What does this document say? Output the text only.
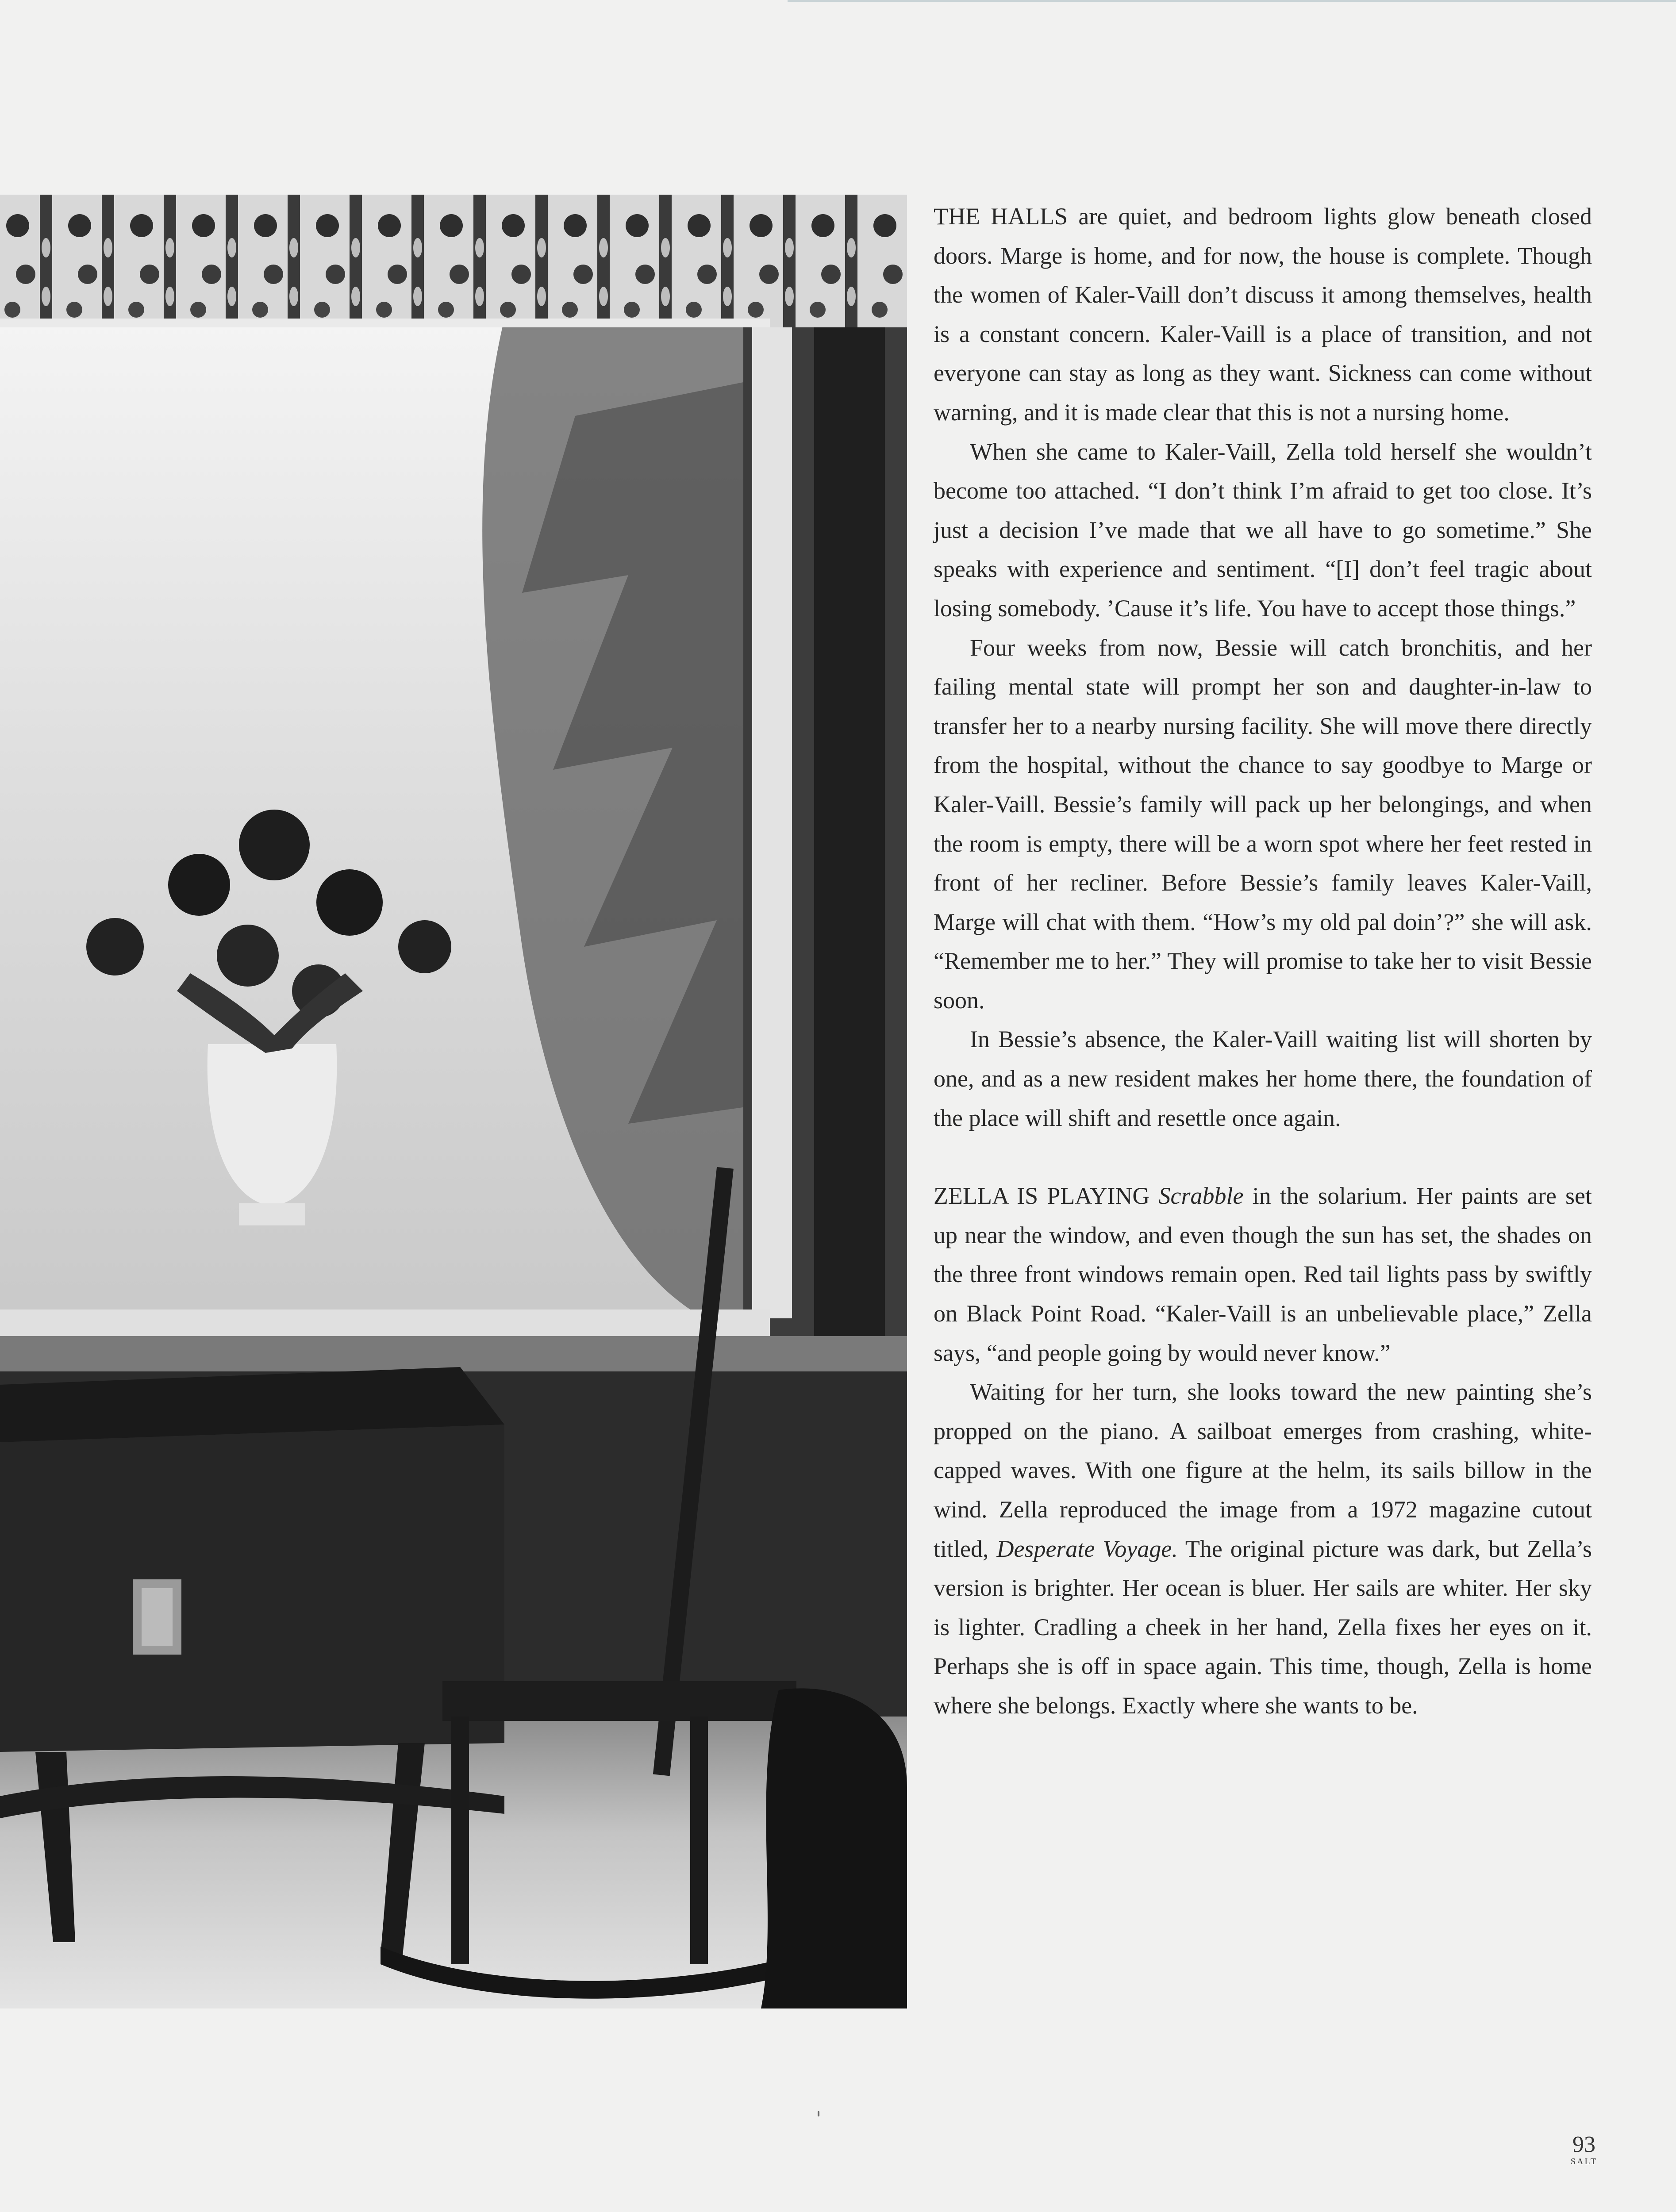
THE HALLS are quiet, and bedroom lights glow beneath closed doors. Marge is home, and for now, the house is complete. Though the women of Kaler-Vaill don’t discuss it among themselves, health is a constant concern. Kaler-Vaill is a place of transition, and not everyone can stay as long as they want. Sickness can come without warning, and it is made clear that this is not a nursing home.

When she came to Kaler-Vaill, Zella told herself she wouldn’t become too attached. “I don’t think I’m afraid to get too close. It’s just a decision I’ve made that we all have to go sometime.” She speaks with experience and sentiment. “[I] don’t feel tragic about losing somebody. ’Cause it’s life. You have to accept those things.”

Four weeks from now, Bessie will catch bronchitis, and her failing mental state will prompt her son and daughter-in-law to transfer her to a nearby nursing facility. She will move there directly from the hospital, without the chance to say goodbye to Marge or Kaler-Vaill. Bessie’s family will pack up her belongings, and when the room is empty, there will be a worn spot where her feet rested in front of her recliner. Before Bessie’s family leaves Kaler-Vaill, Marge will chat with them. “How’s my old pal doin’?” she will ask. “Remember me to her.” They will promise to take her to visit Bessie soon.

In Bessie’s absence, the Kaler-Vaill waiting list will shorten by one, and as a new resident makes her home there, the foundation of the place will shift and resettle once again.

ZELLA IS PLAYING Scrabble in the solarium. Her paints are set up near the window, and even though the sun has set, the shades on the three front windows remain open. Red tail lights pass by swiftly on Black Point Road. “Kaler-Vaill is an unbelievable place,” Zella says, “and people going by would never know.”

Waiting for her turn, she looks toward the new painting she’s propped on the piano. A sailboat emerges from crashing, white-capped waves. With one figure at the helm, its sails billow in the wind. Zella reproduced the image from a 1972 magazine cutout titled, Desperate Voyage. The original picture was dark, but Zella’s version is brighter. Her ocean is bluer. Her sails are whiter. Her sky is lighter. Cradling a cheek in her hand, Zella fixes her eyes on it. Perhaps she is off in space again. This time, though, Zella is home where she belongs. Exactly where she wants to be.

93
SALT
